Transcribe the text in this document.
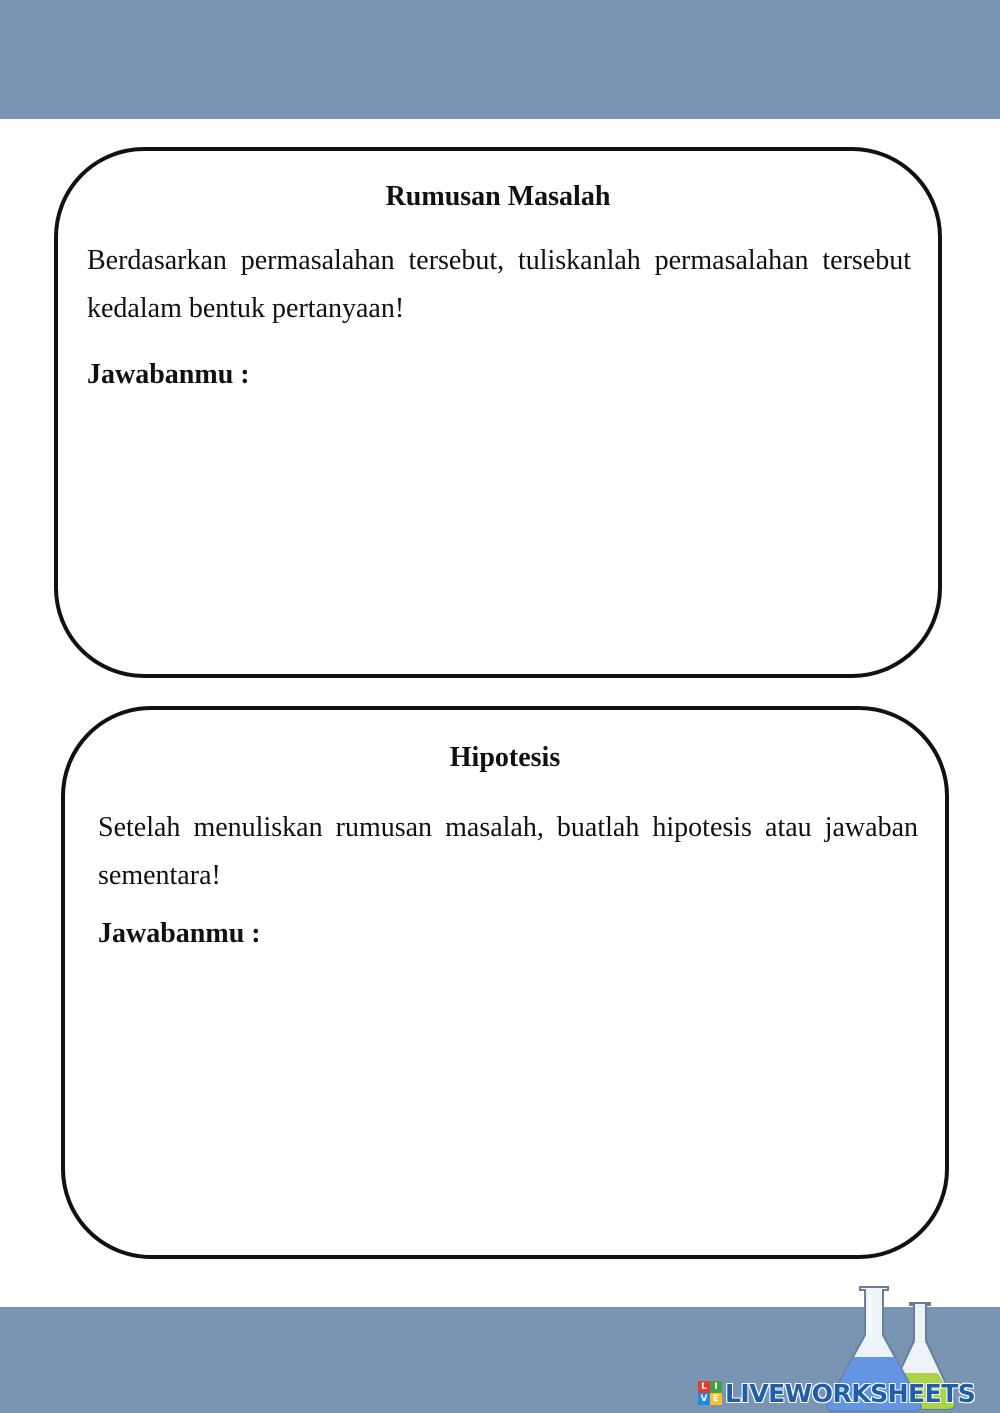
Rumusan Masalah

Berdasarkan permasalahan tersebut, tuliskanlah permasalahan tersebut kedalam bentuk pertanyaan!

Jawabanmu :

Hipotesis

Setelah menuliskan rumusan masalah, buatlah hipotesis atau jawaban sementara!

Jawabanmu :

L I
V E LIVEWORKSHEETS
